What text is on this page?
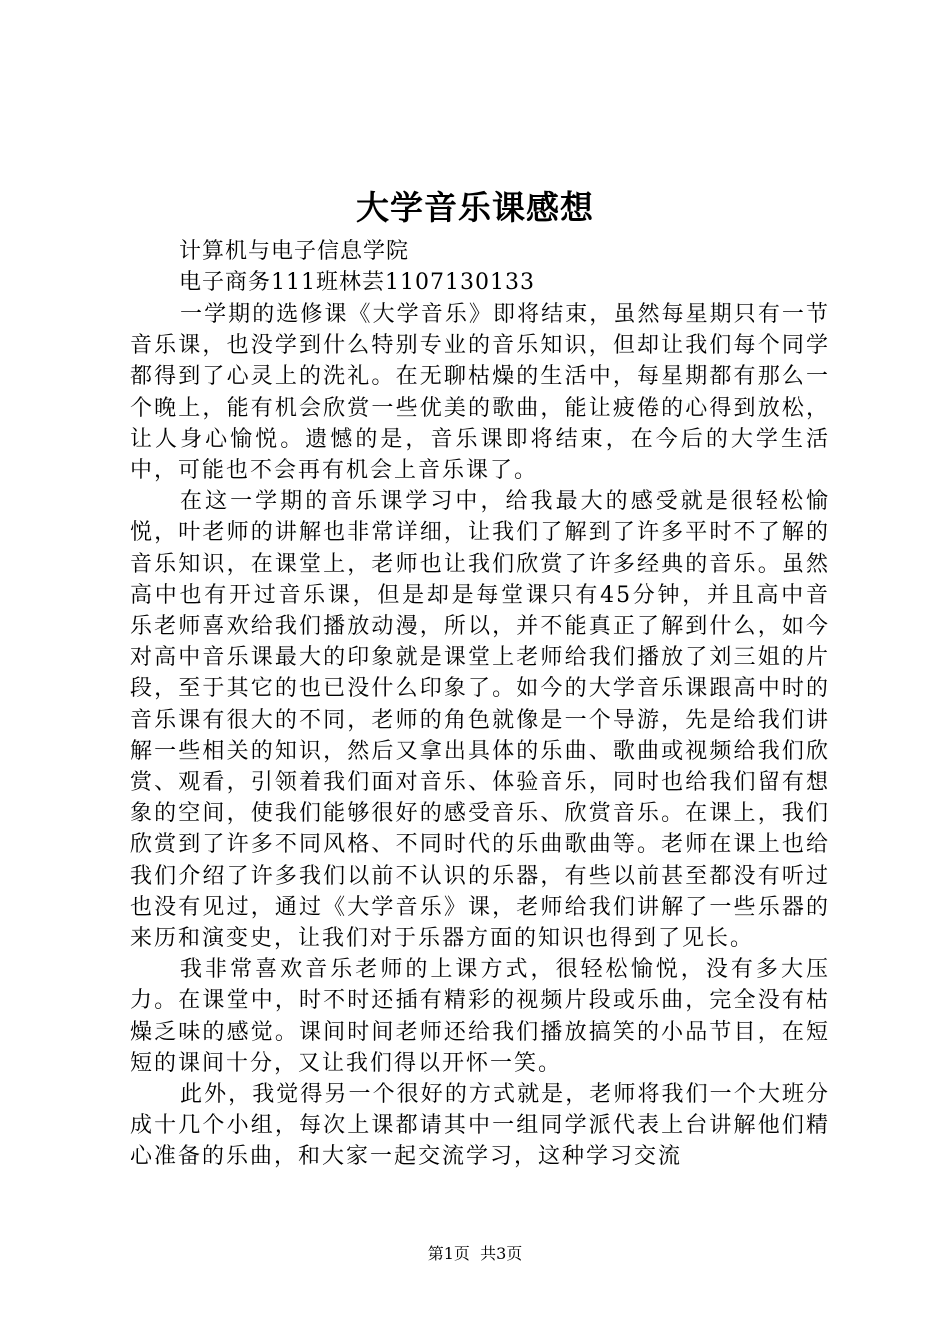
大学音乐课感想
计算机与电子信息学院
电子商务111班林芸1107130133

一学期的选修课《大学音乐》即将结束，虽然每星期只有一节音乐课，也没学到什么特别专业的音乐知识，但却让我们每个同学都得到了心灵上的洗礼。在无聊枯燥的生活中，每星期都有那么一个晚上，能有机会欣赏一些优美的歌曲，能让疲倦的心得到放松，让人身心愉悦。遗憾的是，音乐课即将结束，在今后的大学生活中，可能也不会再有机会上音乐课了。

在这一学期的音乐课学习中，给我最大的感受就是很轻松愉悦，叶老师的讲解也非常详细，让我们了解到了许多平时不了解的音乐知识，在课堂上，老师也让我们欣赏了许多经典的音乐。虽然高中也有开过音乐课，但是却是每堂课只有45分钟，并且高中音乐老师喜欢给我们播放动漫，所以，并不能真正了解到什么，如今对高中音乐课最大的印象就是课堂上老师给我们播放了刘三姐的片段，至于其它的也已没什么印象了。如今的大学音乐课跟高中时的音乐课有很大的不同，老师的角色就像是一个导游，先是给我们讲解一些相关的知识，然后又拿出具体的乐曲、歌曲或视频给我们欣赏、观看，引领着我们面对音乐、体验音乐，同时也给我们留有想象的空间，使我们能够很好的感受音乐、欣赏音乐。在课上，我们欣赏到了许多不同风格、不同时代的乐曲歌曲等。老师在课上也给我们介绍了许多我们以前不认识的乐器，有些以前甚至都没有听过也没有见过，通过《大学音乐》课，老师给我们讲解了一些乐器的来历和演变史，让我们对于乐器方面的知识也得到了见长。

我非常喜欢音乐老师的上课方式，很轻松愉悦，没有多大压力。在课堂中，时不时还插有精彩的视频片段或乐曲，完全没有枯燥乏味的感觉。课间时间老师还给我们播放搞笑的小品节目，在短短的课间十分，又让我们得以开怀一笑。

此外，我觉得另一个很好的方式就是，老师将我们一个大班分成十几个小组，每次上课都请其中一组同学派代表上台讲解他们精心准备的乐曲，和大家一起交流学习，这种学习交流

第1页  共3页
